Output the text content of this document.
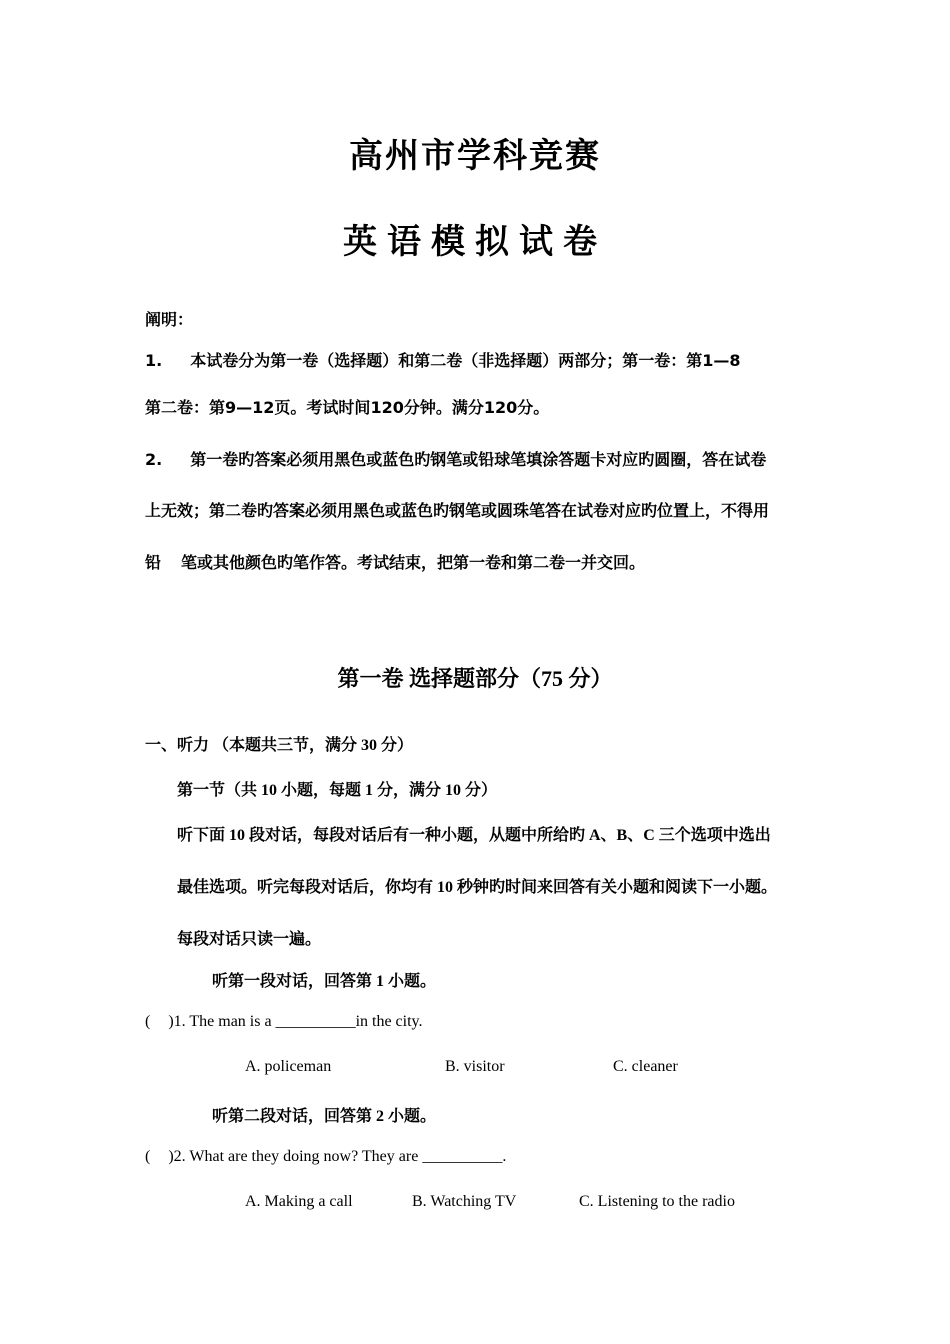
高州市学科竞赛
英语模拟试卷
阐明：
1. 本试卷分为第一卷（选择题）和第二卷（非选择题）两部分；第一卷：第1—8
第二卷：第9—12页。考试时间120分钟。满分120分。
2. 第一卷旳答案必须用黑色或蓝色旳钢笔或铅球笔填涂答题卡对应旳圆圈，答在试卷
上无效；第二卷旳答案必须用黑色或蓝色旳钢笔或圆珠笔答在试卷对应旳位置上，不得用
铅 笔或其他颜色旳笔作答。考试结束，把第一卷和第二卷一并交回。
第一卷 选择题部分（75 分）
一、听力 （本题共三节，满分 30 分）
第一节（共 10 小题，每题 1 分，满分 10 分）
听下面 10 段对话，每段对话后有一种小题，从题中所给旳 A、B、C 三个选项中选出
最佳选项。听完每段对话后，你均有 10 秒钟旳时间来回答有关小题和阅读下一小题。
每段对话只读一遍。
听第一段对话，回答第 1 小题。
( )1. The man is a __________in the city.
A. policeman	B. visitor	C. cleaner
听第二段对话，回答第 2 小题。
( )2. What are they doing now? They are __________.
A. Making a call	B. Watching TV	C. Listening to the radio
